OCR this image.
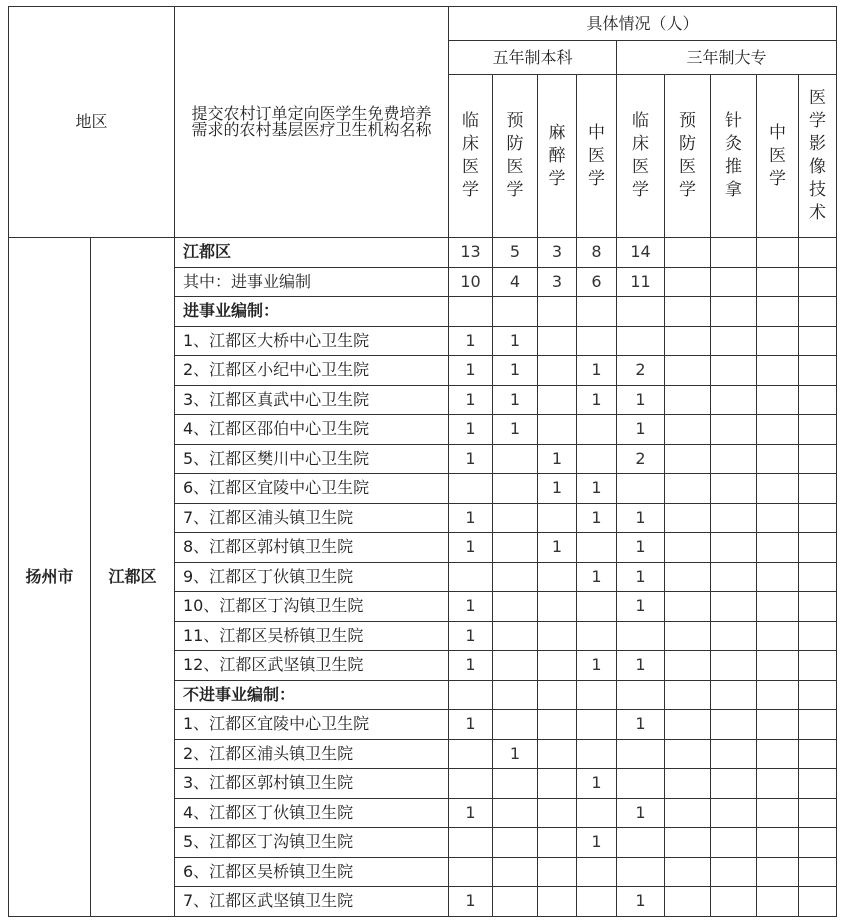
地区		提交农村订单定向医学生免费培养需求的农村基层医疗卫生机构名称	具体情况（人）								
			五年制本科				三年制大专				
			临床医学	预防医学	麻醉学	中医学	临床医学	预防医学	针灸推拿	中医学	医学影像技术
扬州市	江都区	江都区	13	5	3	8	14				
		其中：进事业编制	10	4	3	6	11				
		进事业编制：									
		1、江都区大桥中心卫生院	1	1							
		2、江都区小纪中心卫生院	1	1		1	2				
		3、江都区真武中心卫生院	1	1		1	1				
		4、江都区邵伯中心卫生院	1	1			1				
		5、江都区樊川中心卫生院	1		1		2				
		6、江都区宜陵中心卫生院			1	1					
		7、江都区浦头镇卫生院	1			1	1				
		8、江都区郭村镇卫生院	1		1		1				
		9、江都区丁伙镇卫生院				1	1				
		10、江都区丁沟镇卫生院	1				1				
		11、江都区吴桥镇卫生院	1								
		12、江都区武坚镇卫生院	1			1	1				
		不进事业编制：									
		1、江都区宜陵中心卫生院	1				1				
		2、江都区浦头镇卫生院		1							
		3、江都区郭村镇卫生院				1					
		4、江都区丁伙镇卫生院	1				1				
		5、江都区丁沟镇卫生院				1					
		6、江都区吴桥镇卫生院									
		7、江都区武坚镇卫生院	1				1				
